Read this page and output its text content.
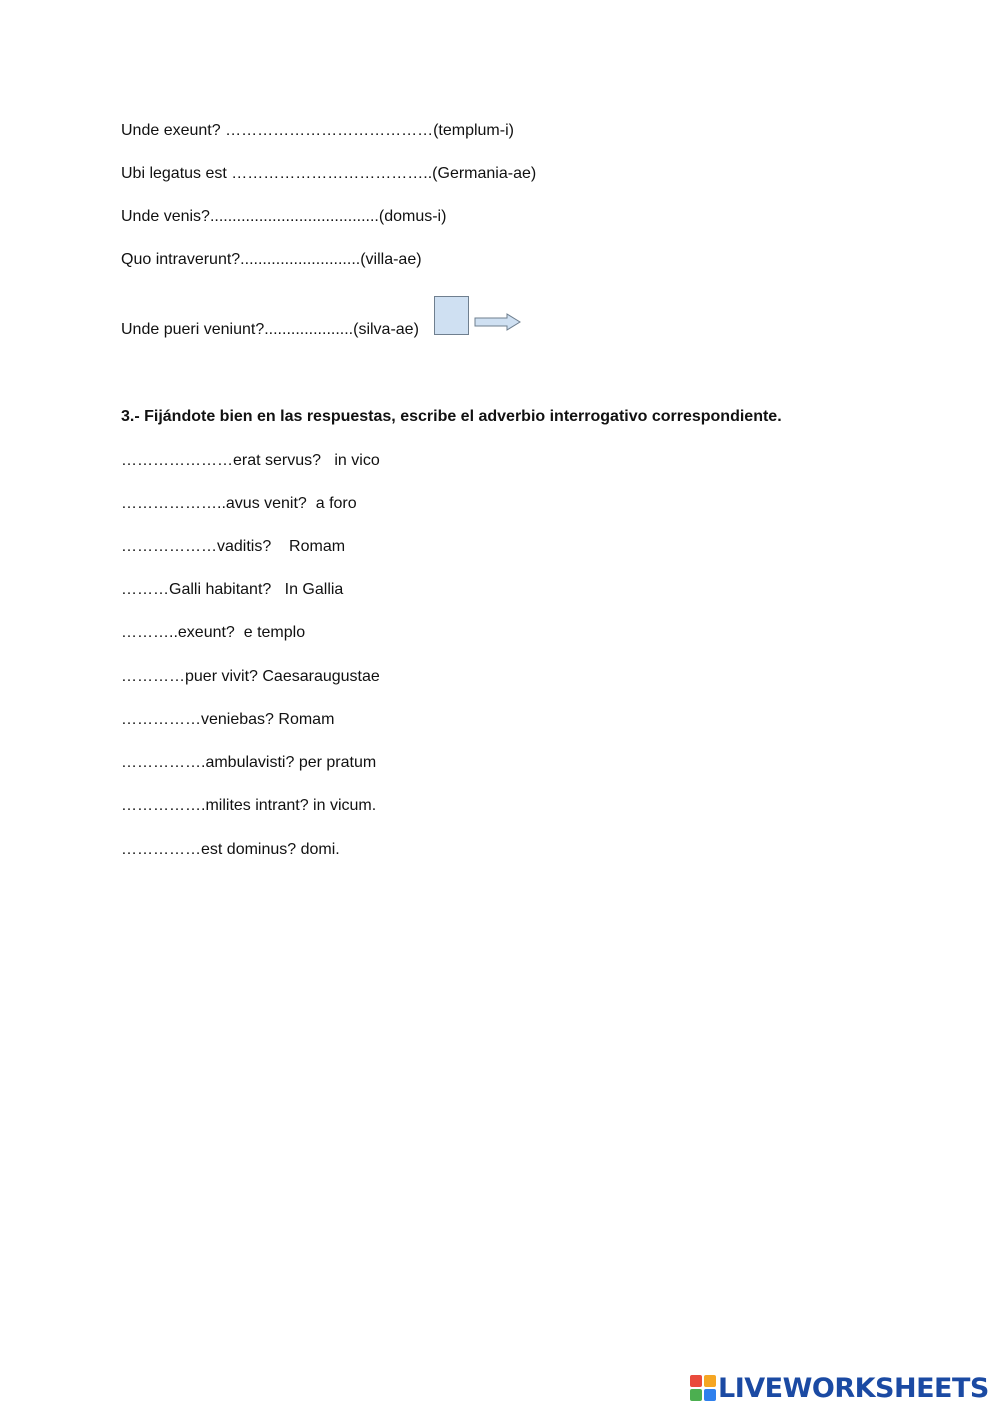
Unde exeunt? …………………………………(templum-i)
Ubi legatus est ………………………………..(Germania-ae)
Unde venis?......................................(domus-i)
Quo intraverunt?...........................(villa-ae)
Unde pueri veniunt?....................(silva-ae)
3.- Fijándote bien en las respuestas, escribe el adverbio interrogativo correspondiente.
…………………erat servus?   in vico
………………..avus venit?  a foro
………………vaditis?    Romam
………Galli habitant?   In Gallia
………..exeunt?  e templo
…………puer vivit? Caesaraugustae
……………veniebas? Romam
…………….ambulavisti? per pratum
…………….milites intrant? in vicum.
……………est dominus? domi.
LIVEWORKSHEETS
